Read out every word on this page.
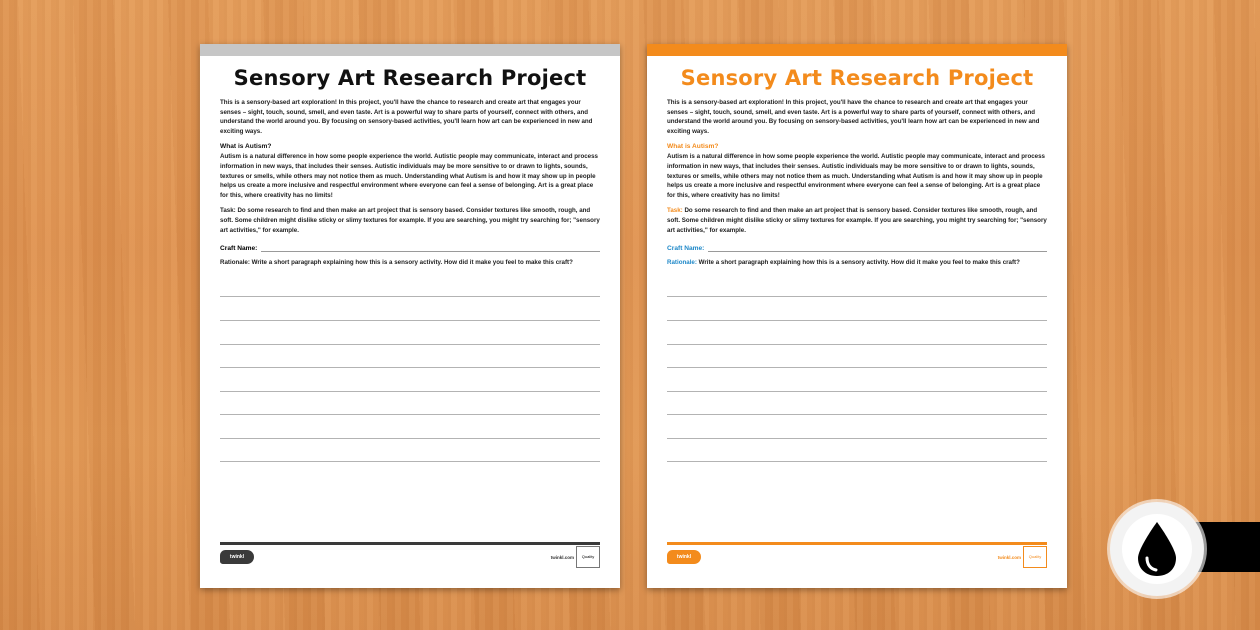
Sensory Art Research Project

This is a sensory-based art exploration! In this project, you'll have the chance to research and create art that engages your senses – sight, touch, sound, smell, and even taste. Art is a powerful way to share parts of yourself, connect with others, and understand the world around you. By focusing on sensory-based activities, you'll learn how art can be experienced in new and exciting ways.

What is Autism?

Autism is a natural difference in how some people experience the world. Autistic people may communicate, interact and process information in new ways, that includes their senses. Autistic individuals may be more sensitive to or drawn to lights, sounds, textures or smells, while others may not notice them as much. Understanding what Autism is and how it may show up in people helps us create a more inclusive and respectful environment where everyone can feel a sense of belonging. Art is a great place for this, where creativity has no limits!

Task: Do some research to find and then make an art project that is sensory based. Consider textures like smooth, rough, and soft. Some children might dislike sticky or slimy textures for example. If you are searching, you might try searching for; "sensory art activities," for example.

Craft Name:

Rationale: Write a short paragraph explaining how this is a sensory activity. How did it make you feel to make this craft?

twinkl	twinkl.com	Quality
Sensory Art Research Project

This is a sensory-based art exploration! In this project, you'll have the chance to research and create art that engages your senses – sight, touch, sound, smell, and even taste. Art is a powerful way to share parts of yourself, connect with others, and understand the world around you. By focusing on sensory-based activities, you'll learn how art can be experienced in new and exciting ways.

What is Autism?

Autism is a natural difference in how some people experience the world. Autistic people may communicate, interact and process information in new ways, that includes their senses. Autistic individuals may be more sensitive to or drawn to lights, sounds, textures or smells, while others may not notice them as much. Understanding what Autism is and how it may show up in people helps us create a more inclusive and respectful environment where everyone can feel a sense of belonging. Art is a great place for this, where creativity has no limits!

Task: Do some research to find and then make an art project that is sensory based. Consider textures like smooth, rough, and soft. Some children might dislike sticky or slimy textures for example. If you are searching, you might try searching for; "sensory art activities," for example.

Craft Name:

Rationale: Write a short paragraph explaining how this is a sensory activity. How did it make you feel to make this craft?

twinkl	twinkl.com	Quality
